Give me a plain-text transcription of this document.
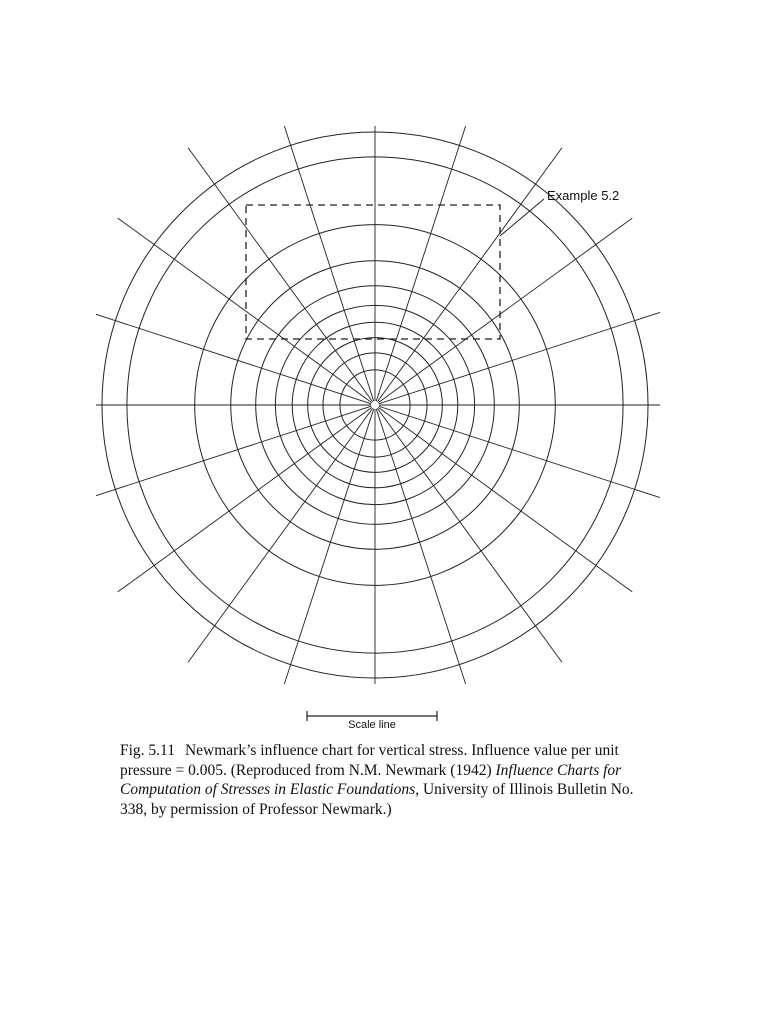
Example 5.2
Scale line
Fig. 5.11 Newmark’s influence chart for vertical stress. Influence value per unit pressure = 0.005. (Reproduced from N.M. Newmark (1942) Influence Charts for Computation of Stresses in Elastic Foundations, University of Illinois Bulletin No. 338, by permission of Professor Newmark.)
